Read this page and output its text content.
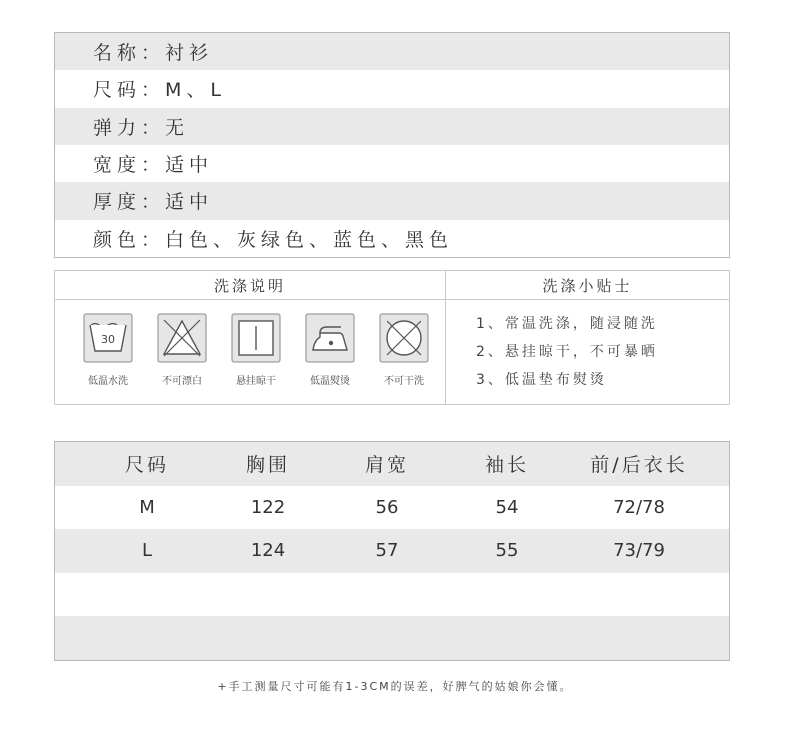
名称：衬衫
尺码：M、L
弹力：无
宽度：适中
厚度：适中
颜色：白色、灰绿色、蓝色、黑色
洗涤说明
30
低温水洗	不可漂白	悬挂晾干	低温熨烫	不可干洗
洗涤小贴士
1、常温洗涤，随浸随洗
2、悬挂晾干，不可暴晒
3、低温垫布熨烫
尺码	胸围	肩宽	袖长	前/后衣长
M	122	56	54	72/78
L	124	57	55	73/79
+手工测量尺寸可能有1-3CM的误差，好脾气的姑娘你会懂。
